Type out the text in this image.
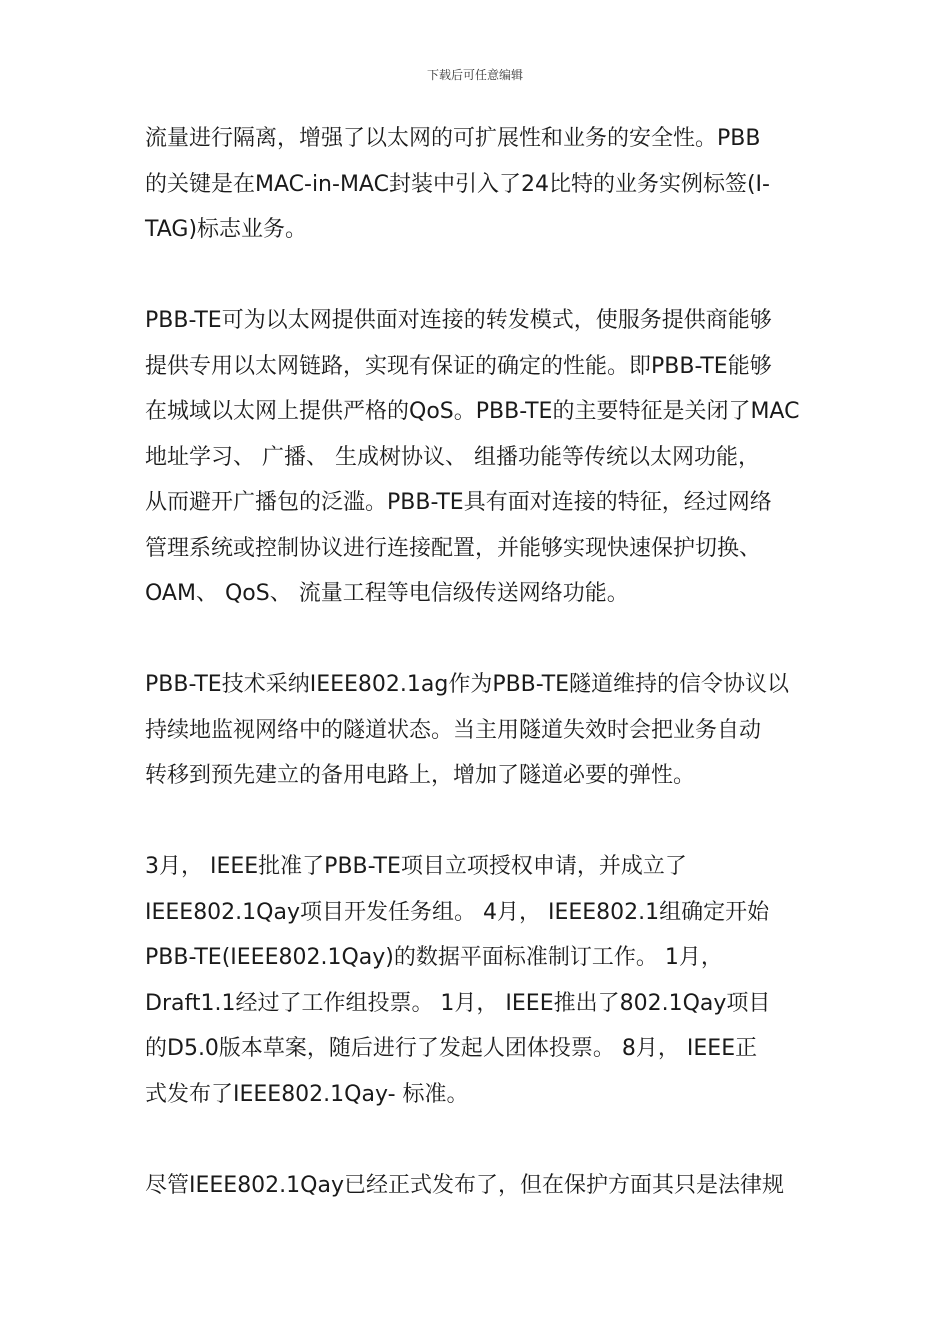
下载后可任意编辑

流量进行隔离，增强了以太网的可扩展性和业务的安全性。PBB
的关键是在MAC-in-MAC封装中引入了24比特的业务实例标签(I-
TAG)标志业务。

PBB-TE可为以太网提供面对连接的转发模式，使服务提供商能够
提供专用以太网链路，实现有保证的确定的性能。即PBB-TE能够
在城域以太网上提供严格的QoS。PBB-TE的主要特征是关闭了MAC
地址学习、 广播、 生成树协议、 组播功能等传统以太网功能，
从而避开广播包的泛滥。PBB-TE具有面对连接的特征，经过网络
管理系统或控制协议进行连接配置，并能够实现快速保护切换、
OAM、 QoS、 流量工程等电信级传送网络功能。

PBB-TE技术采纳IEEE802.1ag作为PBB-TE隧道维持的信令协议以
持续地监视网络中的隧道状态。当主用隧道失效时会把业务自动
转移到预先建立的备用电路上，增加了隧道必要的弹性。

3月， IEEE批准了PBB-TE项目立项授权申请，并成立了
IEEE802.1Qay项目开发任务组。 4月， IEEE802.1组确定开始
PBB-TE(IEEE802.1Qay)的数据平面标准制订工作。 1月，
Draft1.1经过了工作组投票。 1月， IEEE推出了802.1Qay项目
的D5.0版本草案，随后进行了发起人团体投票。 8月， IEEE正
式发布了IEEE802.1Qay- 标准。

尽管IEEE802.1Qay已经正式发布了，但在保护方面其只是法律规
